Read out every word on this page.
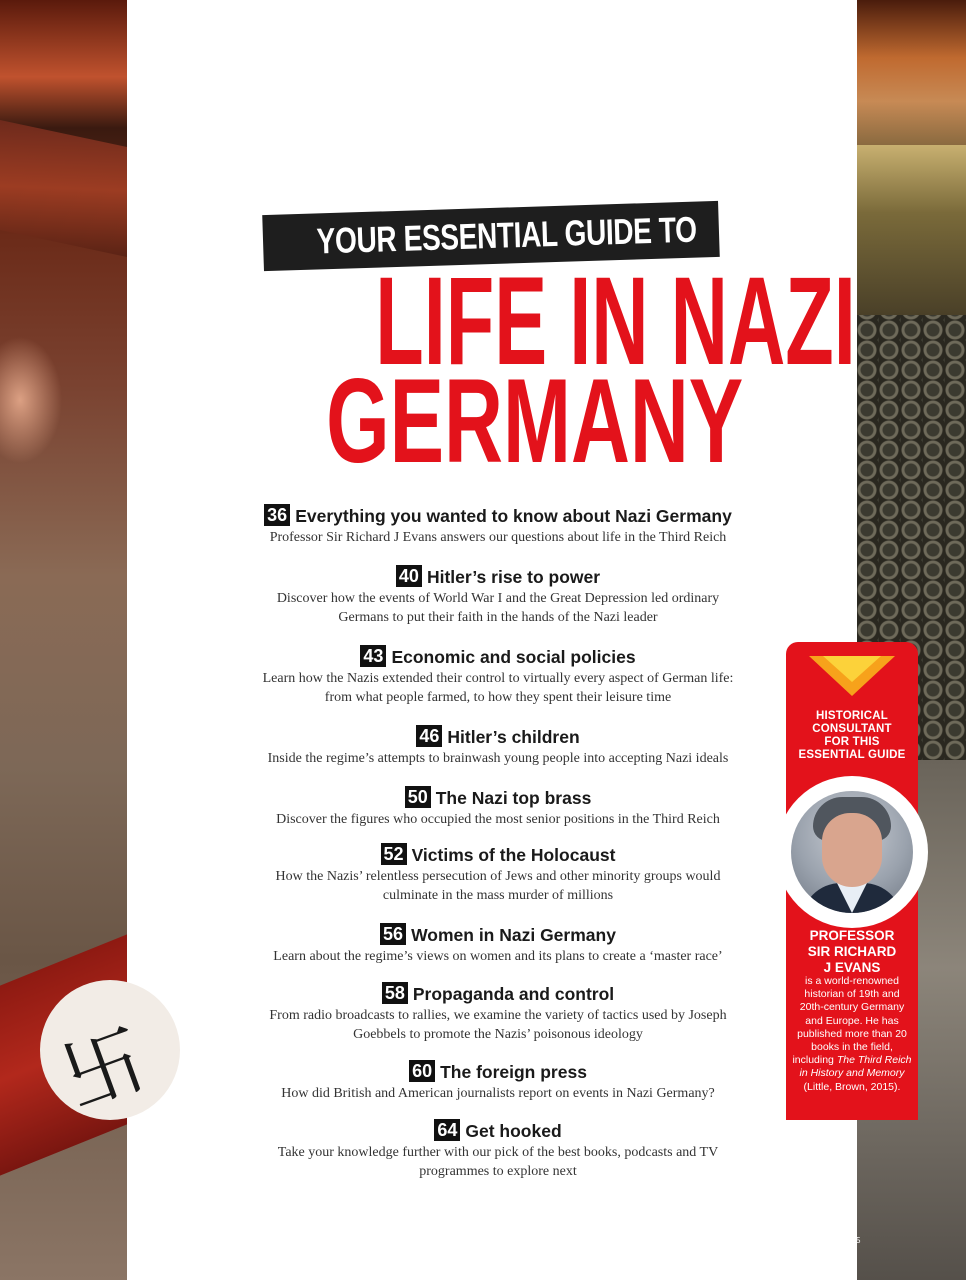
卐
YOUR ESSENTIAL GUIDE TO
LIFE IN NAZI
GERMANY
36 Everything you wanted to know about Nazi Germany
Professor Sir Richard J Evans answers our questions about life in the Third Reich
40 Hitler’s rise to power
Discover how the events of World War I and the Great Depression led ordinary
Germans to put their faith in the hands of the Nazi leader
43 Economic and social policies
Learn how the Nazis extended their control to virtually every aspect of German life:
from what people farmed, to how they spent their leisure time
46 Hitler’s children
Inside the regime’s attempts to brainwash young people into accepting Nazi ideals
50 The Nazi top brass
Discover the figures who occupied the most senior positions in the Third Reich
52 Victims of the Holocaust
How the Nazis’ relentless persecution of Jews and other minority groups would
culminate in the mass murder of millions
56 Women in Nazi Germany
Learn about the regime’s views on women and its plans to create a ‘master race’
58 Propaganda and control
From radio broadcasts to rallies, we examine the variety of tactics used by Joseph
Goebbels to promote the Nazis’ poisonous ideology
60 The foreign press
How did British and American journalists report on events in Nazi Germany?
64 Get hooked
Take your knowledge further with our pick of the best books, podcasts and TV
programmes to explore next
HISTORICAL
CONSULTANT
FOR THIS
ESSENTIAL GUIDE
PROFESSOR
SIR RICHARD
J EVANS
is a world-renowned historian of 19th and 20th-century Germany and Europe. He has published more than 20 books in the field, including The Third Reich in History and Memory (Little, Brown, 2015).
5
